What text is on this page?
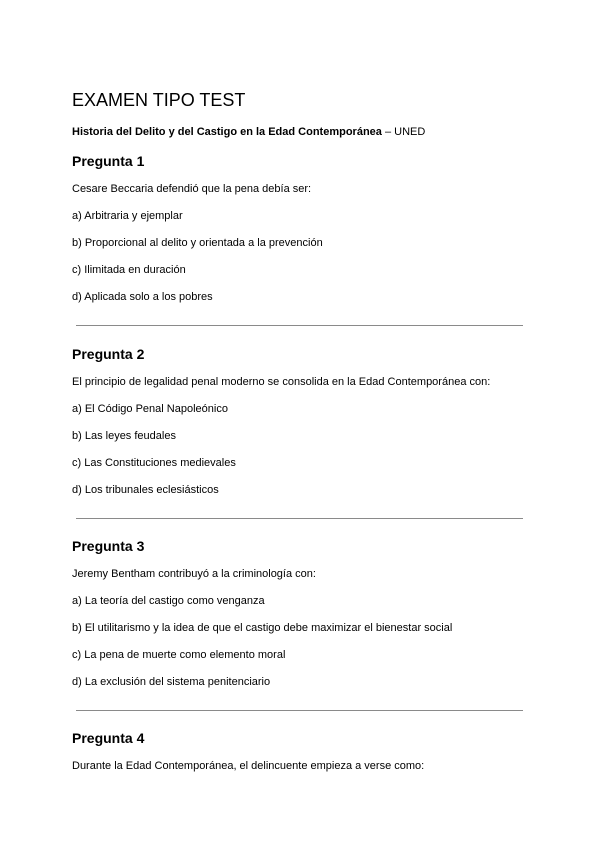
EXAMEN TIPO TEST

Historia del Delito y del Castigo en la Edad Contemporánea – UNED

Pregunta 1

Cesare Beccaria defendió que la pena debía ser:

a) Arbitraria y ejemplar

b) Proporcional al delito y orientada a la prevención

c) Ilimitada en duración

d) Aplicada solo a los pobres

Pregunta 2

El principio de legalidad penal moderno se consolida en la Edad Contemporánea con:

a) El Código Penal Napoleónico

b) Las leyes feudales

c) Las Constituciones medievales

d) Los tribunales eclesiásticos

Pregunta 3

Jeremy Bentham contribuyó a la criminología con:

a) La teoría del castigo como venganza

b) El utilitarismo y la idea de que el castigo debe maximizar el bienestar social

c) La pena de muerte como elemento moral

d) La exclusión del sistema penitenciario

Pregunta 4

Durante la Edad Contemporánea, el delincuente empieza a verse como:
